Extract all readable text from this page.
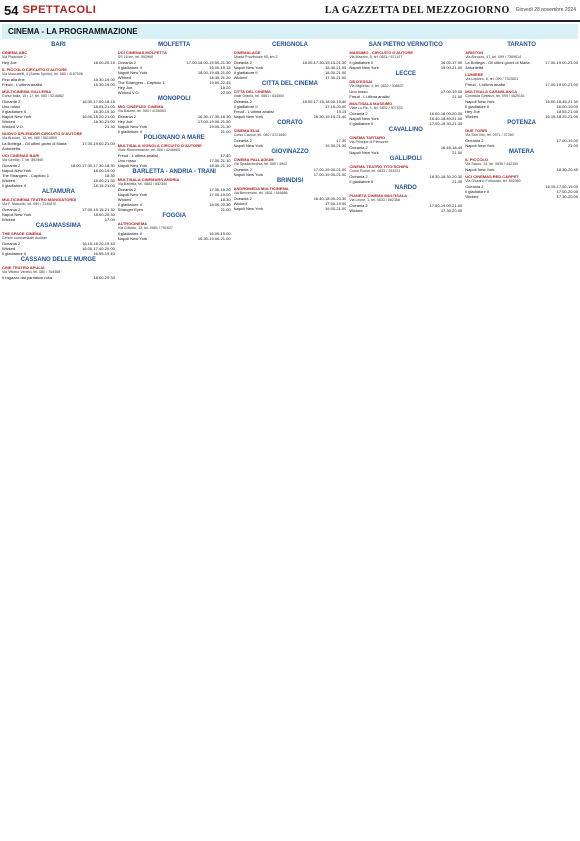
54 SPETTACOLI	LA GAZZETTA DEL MEZZOGIORNO Giovedì 28 novembre 2024
CINEMA - LA PROGRAMMAZIONE
BARI
CINEMA ABC
Via Pisacane 2
Hey Joe	18.00-20.15
IL PICCOLO CIRCUITO D'AUTORE
Via Moscatelli, 4 (Santo Spirito), tel. 080 / 4157008
Fino alla fine	16.30-19.00
Freud - L'ultima analisi	16.30-19.00
MULTICINEMA GALLERIA
Corso Italia, 15 / 17, tel. 080 / 5216882
Oceania 2	16.00-17.00-18.15
Uno rosso	18.05-21.00
Il gladiatore II	16.30-19.30
Napoli New York	16.00-18.20-21.00
Wicked	16.30-21.00
Wicked V.O.	21.30
NUOVO SPLENDOR CIRCUITO D'AUTORE
Via Buccari, 12, tel. 080 / 5619890
La Bottega - Gli ultimi giorni di Maria Antonietta
17.00-19.00-21.00
UCI CINEMAS BARI
Via Gentile, 7, tel. 892960
Oceania 2	18.00-17.00-17.30-18.30
Napoli New York	18.00-19.00
The Strangers - Capitolo 1	18.30
Wicked	16.00-21.30
Il gladiatore II	18.15-21.00
ALTAMURA
MULTICINEMA TEATRO MANGIATORDI
Via F. Marcello, tel. 080 / 3140870
Oceania 2	17.00-19.15-21.30
Napoli New York	18.00-20.30
Wicked	17.00
CASAMASSIMA
THE SPACE CINEMA
Centro commerciale Auchan
Oceania 2	16.15-18.20-19.40
Wicked	16.00-17.40-20.00
Il gladiatore II	16.55-19.40
CASSANO DELLE MURGE
CINE TEATRO APULIA
Via Vittorio Veneto, tel. 080 / 764468
Il ragazzo dai pantaloni rosa	18.00-20.30
MOLFETTA
UCI CINEMAS MOLFETTA
SS 16 km, tel. 892960
Oceania 2	17.00-18.00-19.50-21.30
Il gladiatore II	16.00-19.15
Napoli New York	18.00-19.45-21.00
Wicked	18.30-21.20
The Strangers - Capitolo 1	19.50-22.45
Hey Joe	18.20
Wicked V.O.	22.00
MONOPOLI
MIO CINEPLEX CINEMA
Via Baione, tel. 080 / 4106063
Oceania 2	16.30-17.30-18.30
Hey Joe	17.00-19.00-21.50
Napoli New York	19.00-21.30
Il gladiatore II	21.00
POLIGNANO A MARE
MULTISALA VIGNOLA CIRCUITO D'AUTORE
Viale Rimembranze, tel. 080 / 4248683
Freud - L'ultima analisi	17.40
Uno rosso	17.00-21.10
Napoli New York	18.30-21.10
BARLETTA - ANDRIA - TRANI
MULTISALA CINEMARS ANDRIA
Via Barletta, tel. 0883 / 552300
Oceania 2	17.30-19.20
Napoli New York	17.00-19.00
Wicked	18.30
Il gladiatore II	18.00-20.30
Stranger Eyes	21.00
FOGGIA
ALTROCINEMA
Via Colletto, 12, tel. 0881 / 791637
Il gladiatore II	16.00-19.00
Napoli New York	16.30-19.00-21.00
CERIGNOLA
CINEMALAGE
Strada Provinciale 95, km 2
Oceania 2	18.00-17.30-19.15-21.30
Napoli New York	18.40-21.05
Il gladiatore II	18.00-21.00
Wicked	17.30-21.00
CITTA DEL CINEMA
CITTA DEL CINEMA
Viale Ofanto, tel. 0881 / 634500
Oceania 2	16.00-17.15-18.00-19.40
Il gladiatore II	17.15-20.00
Freud - L'ultima analisi	19.15
Napoli New York	16.30-19.15-21.40
CORATO
CINEMA ELIA
Corso Cavour, tel. 080 / 8721640
Oceania 2	17.30
Napoli New York	19.30-21.30
GIOVINAZZO
CINEMA PALLADIUM
Via Spadavecchia, tel. 080 / 3942
Oceania 2	17.00-19.00-21.00
Napoli New York	17.00-19.00-21.00
BRINDISI
ANDROMEDA MULTICINEMA
Via Benvenuto, tel. 0831 / 546686
Oceania 2	16.40-18.00-20.30
Wicked	17.00-19.50
Napoli New York	19.00-21.00
SAN PIETRO VERNOTICO
MASSIMO - CIRCUITO D'AUTORE
Via Mazzini, 8, tel. 0831 / 671107
Il gladiatore II	16.00-17.00
Napoli New York	19.00-21.00
LECCE
DB D'ESSAI
Via Miglietta, 4, tel. 0832 / 308837
Uno rosso	17.00-19.00
Freud - L'ultima analisi	21.00
MULTISALA MASSIMO
Viale Lo Re, 1, tel. 0832 / 307433
Oceania 2	16.00-18.00-20.00
Napoli New York	16.40-18.40-21.00
Il gladiatore II	17.00-19.30-21.30
CAVALLINO
CINEMA TARTARO
Via Principe di Piemonte
Oceania 2	16.45-18.40
Napoli New York	21.00
GALLIPOLI
CINEMA TEATRO TITO SCHIPA
Corso Roma, tel. 0833 / 263231
Oceania 2	16.30-18.30-20.30
Il gladiatore II	21.00
NARDO
PIANETA CINEMA MULTISALA
Via Lecce, 1, tel. 0833 / 562368
Oceania 2	17.00-19.00-21.00
Wicked	17.30-20.00
TARANTO
ARISTON
Via Abruzzo, 47, tel. 099 / 7369614
La Bottega - Gli ultimi giorni di Maria Antonietta
17.00-19.00-21.00
LUMIERE
Via Lopizzo, 6, tel. 099 / 7323821
Freud - L'ultima analisi	17.00-19.00-21.00
MULTISALA CASARLANCA
Contrada Girifalco, tel. 099 / 4529161
Napoli New York	16.00-18.45-21.30
Il gladiatore II	16.00-19.00
Hey Joe	18.55-21.00
Wicked	16.15-18.25-21.00
POTENZA
DUE TORRI
Via San Vito, tel. 0971 / 37260
Oceania 2	17.00-19.00
Napoli New York	21.00
MATERA
IL PICCOLO
Via Sacco, 14, tel. 0835 / 442150
Napoli New York	18.30-20.45
UCI CINEMAS RED CARPET
Via Giustino Fortunato, tel. 892960
Oceania 2	16.15-17.00-19.00
Il gladiatore II	17.00-20.00
Wicked	17.30-20.00
